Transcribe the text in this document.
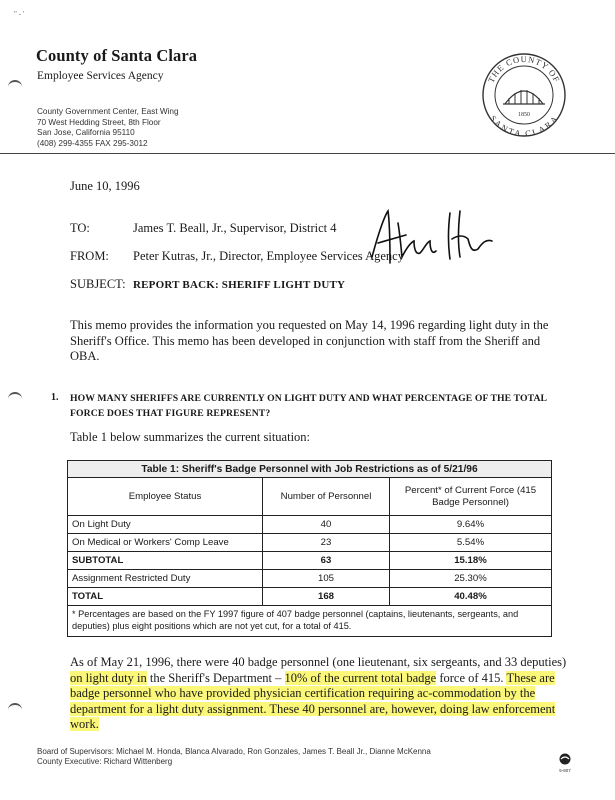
" - '
County of Santa Clara
Employee Services Agency
County Government Center, East Wing
70 West Hedding Street, 8th Floor
San Jose, California 95110
(408) 299-4355 FAX 295-3012
THE COUNTY OF
SANTA CLARA
1850
June 10, 1996
TO:	James T. Beall, Jr., Supervisor, District 4
FROM: Peter Kutras, Jr., Director, Employee Services Agency
SUBJECT: REPORT BACK: SHERIFF LIGHT DUTY
This memo provides the information you requested on May 14, 1996 regarding light duty in the Sheriff's Office. This memo has been developed in conjunction with staff from the Sheriff and OBA.
1. HOW MANY SHERIFFS ARE CURRENTLY ON LIGHT DUTY AND WHAT PERCENTAGE OF THE TOTAL FORCE DOES THAT FIGURE REPRESENT?
Table 1 below summarizes the current situation:
Table 1: Sheriff's Badge Personnel with Job Restrictions as of 5/21/96
Employee Status	Number of Personnel	Percent* of Current Force (415 Badge Personnel)
On Light Duty	40	9.64%
On Medical or Workers' Comp Leave	23	5.54%
SUBTOTAL	63	15.18%
Assignment Restricted Duty	105	25.30%
TOTAL	168	40.48%
* Percentages are based on the FY 1997 figure of 407 badge personnel (captains, lieutenants, sergeants, and deputies) plus eight positions which are not yet cut, for a total of 415.
As of May 21, 1996, there were 40 badge personnel (one lieutenant, six sergeants, and 33 deputies) on light duty in the Sheriff's Department – 10% of the current total badge force of 415. These are badge personnel who have provided physician certification requiring ac-commodation by the department for a light duty assignment. These 40 personnel are, however, doing law enforcement work.
Board of Supervisors: Michael M. Honda, Blanca Alvarado, Ron Gonzales, James T. Beall Jr., Dianne McKenna
County Executive: Richard Wittenberg
5-807
